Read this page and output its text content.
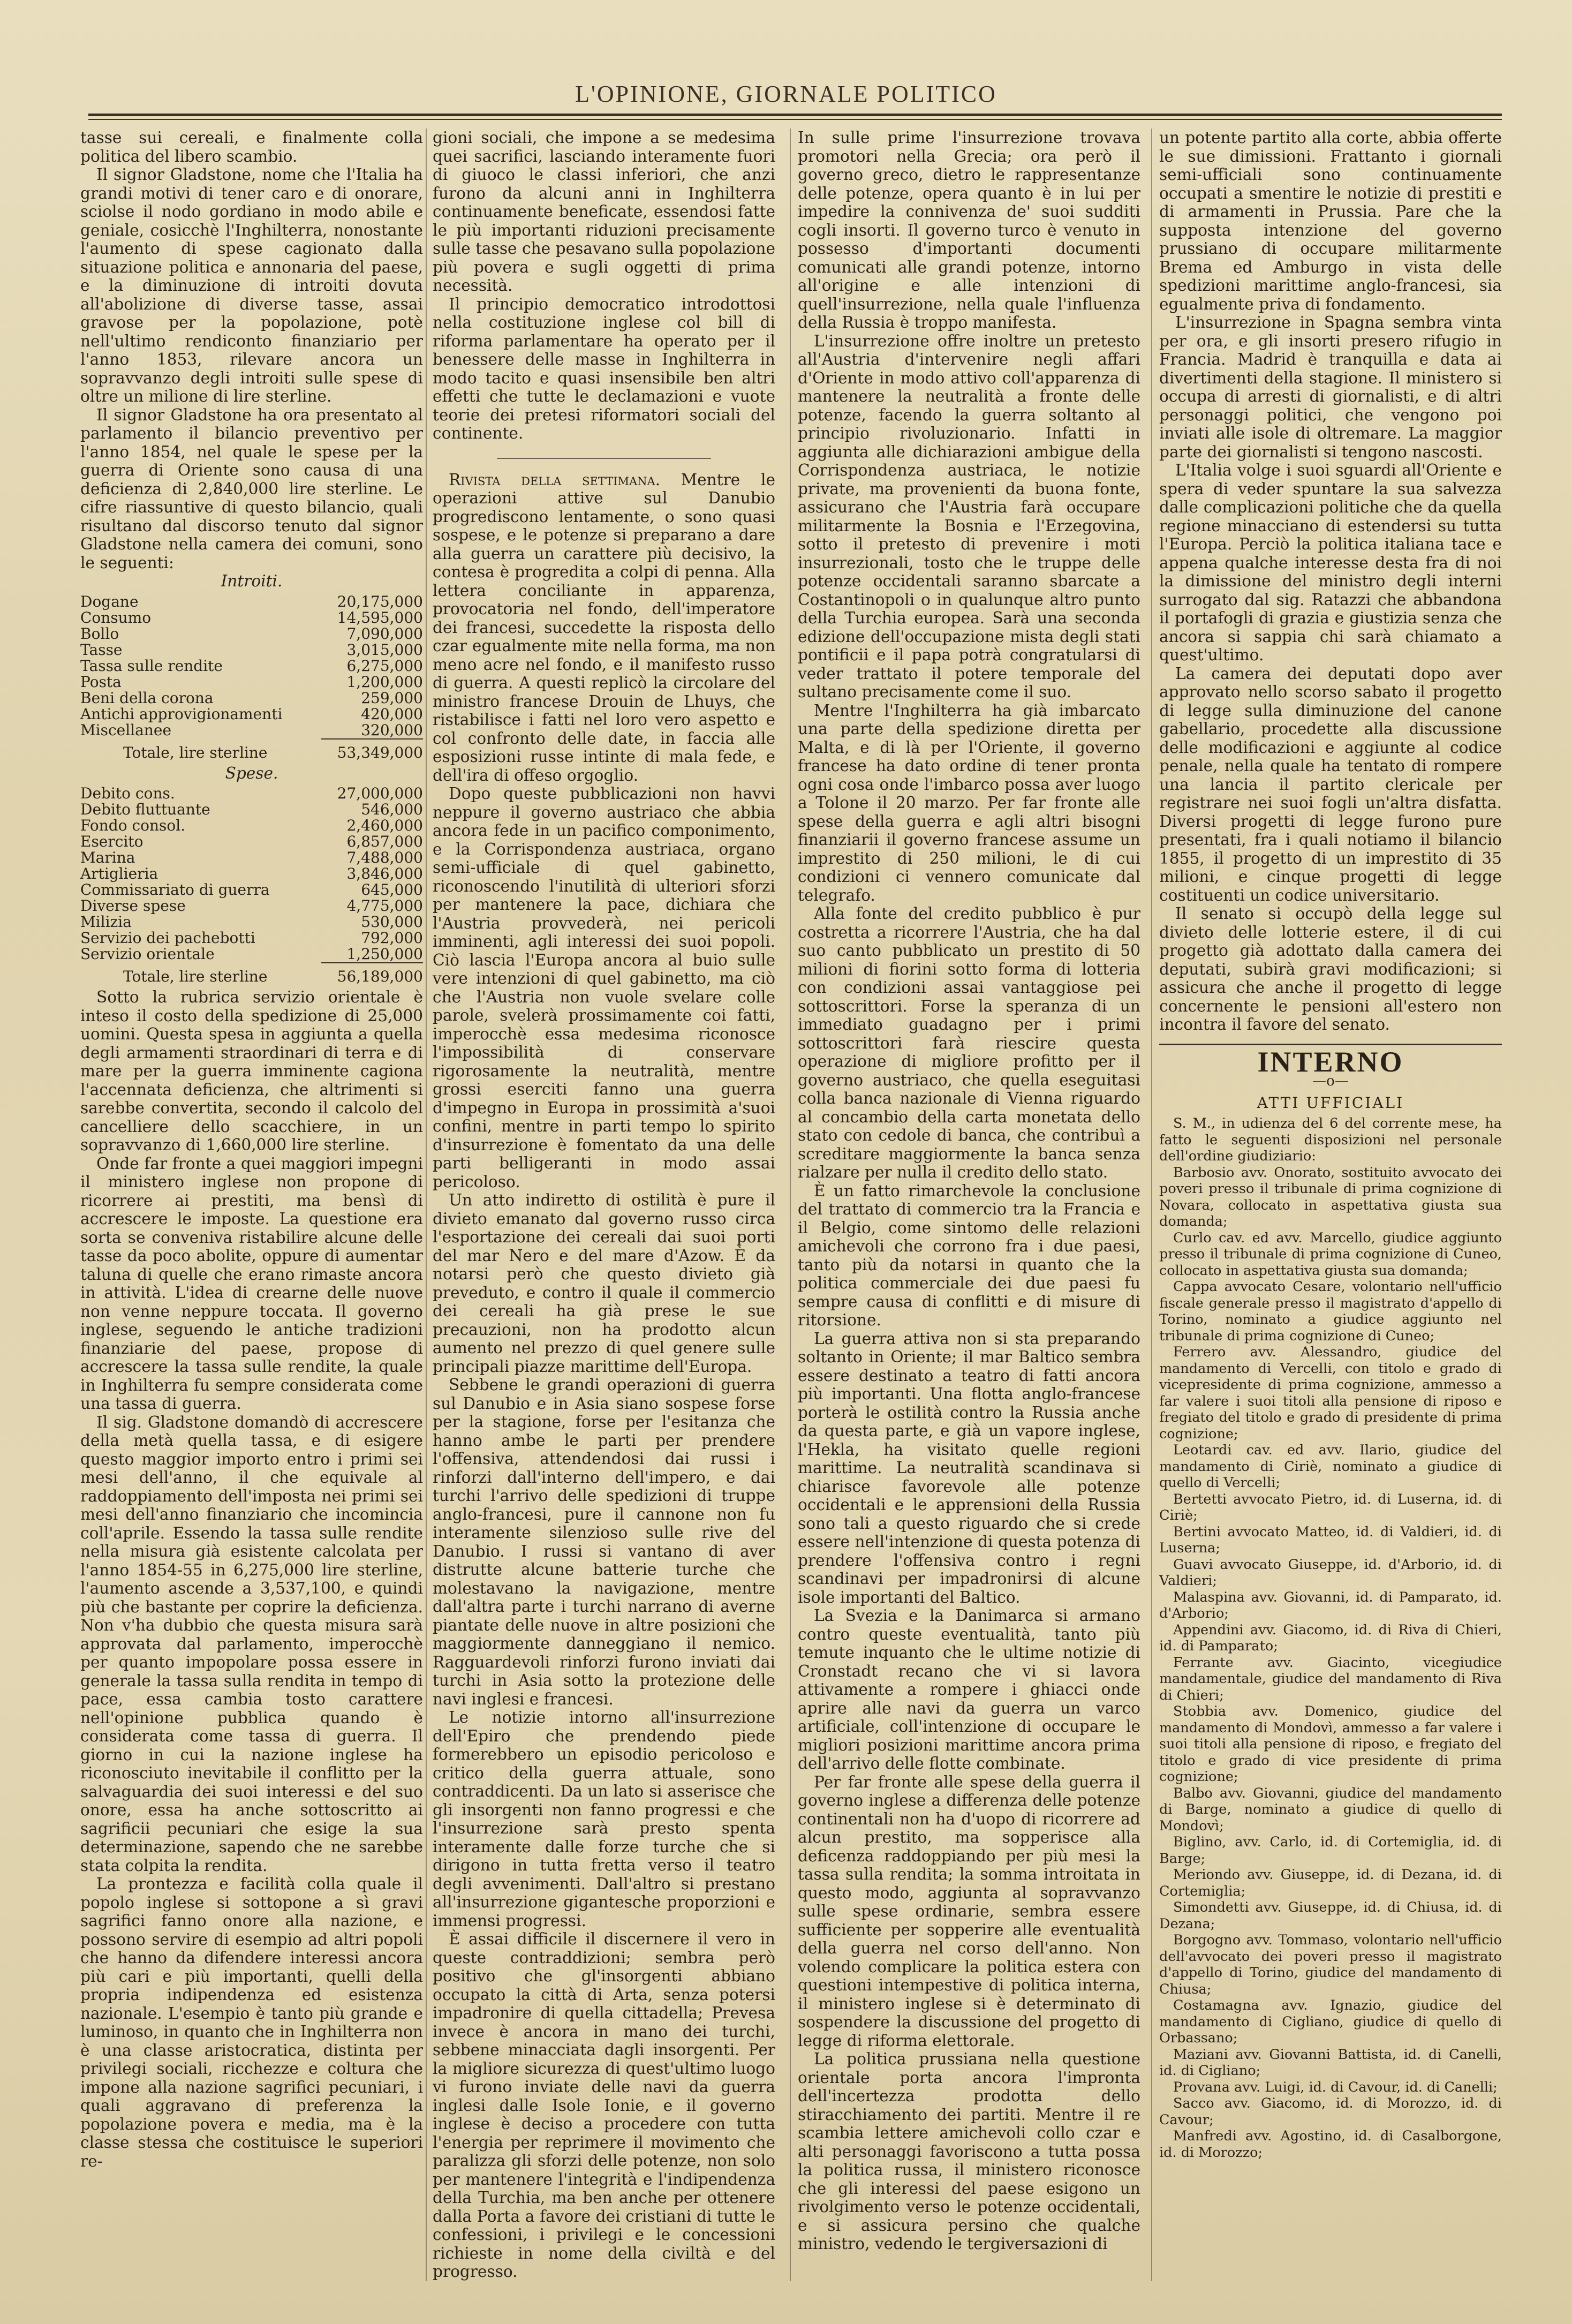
L'OPINIONE, GIORNALE POLITICO

tasse sui cereali, e finalmente colla politica del libero scambio.

Il signor Gladstone, nome che l'Italia ha grandi motivi di tener caro e di onorare, sciolse il nodo gordiano in modo abile e geniale, cosicchè l'Inghilterra, nonostante l'aumento di spese cagionato dalla situazione politica e annonaria del paese, e la diminuzione di introiti dovuta all'abolizione di diverse tasse, assai gravose per la popolazione, potè nell'ultimo rendiconto finanziario per l'anno 1853, rilevare ancora un sopravvanzo degli introiti sulle spese di oltre un milione di lire sterline.

Il signor Gladstone ha ora presentato al parlamento il bilancio preventivo per l'anno 1854, nel quale le spese per la guerra di Oriente sono causa di una deficienza di 2,840,000 lire sterline. Le cifre riassuntive di questo bilancio, quali risultano dal discorso tenuto dal signor Gladstone nella camera dei comuni, sono le seguenti:

Introiti.

Dogane	20,175,000
Consumo	14,595,000
Bollo	7,090,000
Tasse	3,015,000
Tassa sulle rendite	6,275,000
Posta	1,200,000
Beni della corona	259,000
Antichi approvigionamenti	420,000
Miscellanee	320,000

Totale, lire sterline	53,349,000

Spese.

Debito cons.	27,000,000
Debito fluttuante	546,000
Fondo consol.	2,460,000
Esercito	6,857,000
Marina	7,488,000
Artiglieria	3,846,000
Commissariato di guerra	645,000
Diverse spese	4,775,000
Milizia	530,000
Servizio dei pachebotti	792,000
Servizio orientale	1,250,000

Totale, lire sterline	56,189,000

Sotto la rubrica servizio orientale è inteso il costo della spedizione di 25,000 uomini. Questa spesa in aggiunta a quella degli armamenti straordinari di terra e di mare per la guerra imminente cagiona l'accennata deficienza, che altrimenti si sarebbe convertita, secondo il calcolo del cancelliere dello scacchiere, in un sopravvanzo di 1,660,000 lire sterline.

Onde far fronte a quei maggiori impegni il ministero inglese non propone di ricorrere ai prestiti, ma bensì di accrescere le imposte. La questione era sorta se conveniva ristabilire alcune delle tasse da poco abolite, oppure di aumentar taluna di quelle che erano rimaste ancora in attività. L'idea di crearne delle nuove non venne neppure toccata. Il governo inglese, seguendo le antiche tradizioni finanziarie del paese, propose di accrescere la tassa sulle rendite, la quale in Inghilterra fu sempre considerata come una tassa di guerra.

Il sig. Gladstone domandò di accrescere della metà quella tassa, e di esigere questo maggior importo entro i primi sei mesi dell'anno, il che equivale al raddoppiamento dell'imposta nei primi sei mesi dell'anno finanziario che incomincia coll'aprile. Essendo la tassa sulle rendite nella misura già esistente calcolata per l'anno 1854-55 in 6,275,000 lire sterline, l'aumento ascende a 3,537,100, e quindi più che bastante per coprire la deficienza. Non v'ha dubbio che questa misura sarà approvata dal parlamento, imperocchè per quanto impopolare possa essere in generale la tassa sulla rendita in tempo di pace, essa cambia tosto carattere nell'opinione pubblica quando è considerata come tassa di guerra. Il giorno in cui la nazione inglese ha riconosciuto inevitabile il conflitto per la salvaguardia dei suoi interessi e del suo onore, essa ha anche sottoscritto ai sagrificii pecuniari che esige la sua determinazione, sapendo che ne sarebbe stata colpita la rendita.

La prontezza e facilità colla quale il popolo inglese si sottopone a sì gravi sagrifici fanno onore alla nazione, e possono servire di esempio ad altri popoli che hanno da difendere interessi ancora più cari e più importanti, quelli della propria indipendenza ed esistenza nazionale. L'esempio è tanto più grande e luminoso, in quanto che in Inghilterra non è una classe aristocratica, distinta per privilegi sociali, ricchezze e coltura che impone alla nazione sagrifici pecuniari, i quali aggravano di preferenza la popolazione povera e media, ma è la classe stessa che costituisce le superiori re-

gioni sociali, che impone a se medesima quei sacrifici, lasciando interamente fuori di giuoco le classi inferiori, che anzi furono da alcuni anni in Inghilterra continuamente beneficate, essendosi fatte le più importanti riduzioni precisamente sulle tasse che pesavano sulla popolazione più povera e sugli oggetti di prima necessità.

Il principio democratico introdottosi nella costituzione inglese col bill di riforma parlamentare ha operato per il benessere delle masse in Inghilterra in modo tacito e quasi insensibile ben altri effetti che tutte le declamazioni e vuote teorie dei pretesi riformatori sociali del continente.

Rivista della settimana. Mentre le operazioni attive sul Danubio progrediscono lentamente, o sono quasi sospese, e le potenze si preparano a dare alla guerra un carattere più decisivo, la contesa è progredita a colpi di penna. Alla lettera conciliante in apparenza, provocatoria nel fondo, dell'imperatore dei francesi, succedette la risposta dello czar egualmente mite nella forma, ma non meno acre nel fondo, e il manifesto russo di guerra. A questi replicò la circolare del ministro francese Drouin de Lhuys, che ristabilisce i fatti nel loro vero aspetto e col confronto delle date, in faccia alle esposizioni russe intinte di mala fede, e dell'ira di offeso orgoglio.

Dopo queste pubblicazioni non havvi neppure il governo austriaco che abbia ancora fede in un pacifico componimento, e la Corrispondenza austriaca, organo semi-ufficiale di quel gabinetto, riconoscendo l'inutilità di ulteriori sforzi per mantenere la pace, dichiara che l'Austria provvederà, nei pericoli imminenti, agli interessi dei suoi popoli. Ciò lascia l'Europa ancora al buio sulle vere intenzioni di quel gabinetto, ma ciò che l'Austria non vuole svelare colle parole, svelerà prossimamente coi fatti, imperocchè essa medesima riconosce l'impossibilità di conservare rigorosamente la neutralità, mentre grossi eserciti fanno una guerra d'impegno in Europa in prossimità a'suoi confini, mentre in parti tempo lo spirito d'insurrezione è fomentato da una delle parti belligeranti in modo assai pericoloso.

Un atto indiretto di ostilità è pure il divieto emanato dal governo russo circa l'esportazione dei cereali dai suoi porti del mar Nero e del mare d'Azow. È da notarsi però che questo divieto già preveduto, e contro il quale il commercio dei cereali ha già prese le sue precauzioni, non ha prodotto alcun aumento nel prezzo di quel genere sulle principali piazze marittime dell'Europa.

Sebbene le grandi operazioni di guerra sul Danubio e in Asia siano sospese forse per la stagione, forse per l'esitanza che hanno ambe le parti per prendere l'offensiva, attendendosi dai russi i rinforzi dall'interno dell'impero, e dai turchi l'arrivo delle spedizioni di truppe anglo-francesi, pure il cannone non fu interamente silenzioso sulle rive del Danubio. I russi si vantano di aver distrutte alcune batterie turche che molestavano la navigazione, mentre dall'altra parte i turchi narrano di averne piantate delle nuove in altre posizioni che maggiormente danneggiano il nemico. Ragguardevoli rinforzi furono inviati dai turchi in Asia sotto la protezione delle navi inglesi e francesi.

Le notizie intorno all'insurrezione dell'Epiro che prendendo piede formerebbero un episodio pericoloso e critico della guerra attuale, sono contraddicenti. Da un lato si asserisce che gli insorgenti non fanno progressi e che l'insurrezione sarà presto spenta interamente dalle forze turche che si dirigono in tutta fretta verso il teatro degli avvenimenti. Dall'altro si prestano all'insurrezione gigantesche proporzioni e immensi progressi.

È assai difficile il discernere il vero in queste contraddizioni; sembra però positivo che gl'insorgenti abbiano occupato la città di Arta, senza potersi impadronire di quella cittadella; Prevesa invece è ancora in mano dei turchi, sebbene minacciata dagli insorgenti. Per la migliore sicurezza di quest'ultimo luogo vi furono inviate delle navi da guerra inglesi dalle Isole Ionie, e il governo inglese è deciso a procedere con tutta l'energia per reprimere il movimento che paralizza gli sforzi delle potenze, non solo per mantenere l'integrità e l'indipendenza della Turchia, ma ben anche per ottenere dalla Porta a favore dei cristiani di tutte le confessioni, i privilegi e le concessioni richieste in nome della civiltà e del progresso.

In sulle prime l'insurrezione trovava promotori nella Grecia; ora però il governo greco, dietro le rappresentanze delle potenze, opera quanto è in lui per impedire la connivenza de' suoi sudditi cogli insorti. Il governo turco è venuto in possesso d'importanti documenti comunicati alle grandi potenze, intorno all'origine e alle intenzioni di quell'insurrezione, nella quale l'influenza della Russia è troppo manifesta.

L'insurrezione offre inoltre un pretesto all'Austria d'intervenire negli affari d'Oriente in modo attivo coll'apparenza di mantenere la neutralità a fronte delle potenze, facendo la guerra soltanto al principio rivoluzionario. Infatti in aggiunta alle dichiarazioni ambigue della Corrispondenza austriaca, le notizie private, ma provenienti da buona fonte, assicurano che l'Austria farà occupare militarmente la Bosnia e l'Erzegovina, sotto il pretesto di prevenire i moti insurrezionali, tosto che le truppe delle potenze occidentali saranno sbarcate a Costantinopoli o in qualunque altro punto della Turchia europea. Sarà una seconda edizione dell'occupazione mista degli stati pontificii e il papa potrà congratularsi di veder trattato il potere temporale del sultano precisamente come il suo.

Mentre l'Inghilterra ha già imbarcato una parte della spedizione diretta per Malta, e di là per l'Oriente, il governo francese ha dato ordine di tener pronta ogni cosa onde l'imbarco possa aver luogo a Tolone il 20 marzo. Per far fronte alle spese della guerra e agli altri bisogni finanziarii il governo francese assume un imprestito di 250 milioni, le di cui condizioni ci vennero comunicate dal telegrafo.

Alla fonte del credito pubblico è pur costretta a ricorrere l'Austria, che ha dal suo canto pubblicato un prestito di 50 milioni di fiorini sotto forma di lotteria con condizioni assai vantaggiose pei sottoscrittori. Forse la speranza di un immediato guadagno per i primi sottoscrittori farà riescire questa operazione di migliore profitto per il governo austriaco, che quella eseguitasi colla banca nazionale di Vienna riguardo al concambio della carta monetata dello stato con cedole di banca, che contribuì a screditare maggiormente la banca senza rialzare per nulla il credito dello stato.

È un fatto rimarchevole la conclusione del trattato di commercio tra la Francia e il Belgio, come sintomo delle relazioni amichevoli che corrono fra i due paesi, tanto più da notarsi in quanto che la politica commerciale dei due paesi fu sempre causa di conflitti e di misure di ritorsione.

La guerra attiva non si sta preparando soltanto in Oriente; il mar Baltico sembra essere destinato a teatro di fatti ancora più importanti. Una flotta anglo-francese porterà le ostilità contro la Russia anche da questa parte, e già un vapore inglese, l'Hekla, ha visitato quelle regioni marittime. La neutralità scandinava si chiarisce favorevole alle potenze occidentali e le apprensioni della Russia sono tali a questo riguardo che si crede essere nell'intenzione di questa potenza di prendere l'offensiva contro i regni scandinavi per impadronirsi di alcune isole importanti del Baltico.

La Svezia e la Danimarca si armano contro queste eventualità, tanto più temute inquanto che le ultime notizie di Cronstadt recano che vi si lavora attivamente a rompere i ghiacci onde aprire alle navi da guerra un varco artificiale, coll'intenzione di occupare le migliori posizioni marittime ancora prima dell'arrivo delle flotte combinate.

Per far fronte alle spese della guerra il governo inglese a differenza delle potenze continentali non ha d'uopo di ricorrere ad alcun prestito, ma sopperisce alla deficenza raddoppiando per più mesi la tassa sulla rendita; la somma introitata in questo modo, aggiunta al sopravvanzo sulle spese ordinarie, sembra essere sufficiente per sopperire alle eventualità della guerra nel corso dell'anno. Non volendo complicare la politica estera con questioni intempestive di politica interna, il ministero inglese si è determinato di sospendere la discussione del progetto di legge di riforma elettorale.

La politica prussiana nella questione orientale porta ancora l'impronta dell'incertezza prodotta dello stiracchiamento dei partiti. Mentre il re scambia lettere amichevoli collo czar e alti personaggi favoriscono a tutta possa la politica russa, il ministero riconosce che gli interessi del paese esigono un rivolgimento verso le potenze occidentali, e si assicura persino che qualche ministro, vedendo le tergiversazioni di

un potente partito alla corte, abbia offerte le sue dimissioni. Frattanto i giornali semi-ufficiali sono continuamente occupati a smentire le notizie di prestiti e di armamenti in Prussia. Pare che la supposta intenzione del governo prussiano di occupare militarmente Brema ed Amburgo in vista delle spedizioni marittime anglo-francesi, sia egualmente priva di fondamento.

L'insurrezione in Spagna sembra vinta per ora, e gli insorti presero rifugio in Francia. Madrid è tranquilla e data ai divertimenti della stagione. Il ministero si occupa di arresti di giornalisti, e di altri personaggi politici, che vengono poi inviati alle isole di oltremare. La maggior parte dei giornalisti si tengono nascosti.

L'Italia volge i suoi sguardi all'Oriente e spera di veder spuntare la sua salvezza dalle complicazioni politiche che da quella regione minacciano di estendersi su tutta l'Europa. Perciò la politica italiana tace e appena qualche interesse desta fra di noi la dimissione del ministro degli interni surrogato dal sig. Ratazzi che abbandona il portafogli di grazia e giustizia senza che ancora si sappia chi sarà chiamato a quest'ultimo.

La camera dei deputati dopo aver approvato nello scorso sabato il progetto di legge sulla diminuzione del canone gabellario, procedette alla discussione delle modificazioni e aggiunte al codice penale, nella quale ha tentato di rompere una lancia il partito clericale per registrare nei suoi fogli un'altra disfatta. Diversi progetti di legge furono pure presentati, fra i quali notiamo il bilancio 1855, il progetto di un imprestito di 35 milioni, e cinque progetti di legge costituenti un codice universitario.

Il senato si occupò della legge sul divieto delle lotterie estere, il di cui progetto già adottato dalla camera dei deputati, subirà gravi modificazioni; si assicura che anche il progetto di legge concernente le pensioni all'estero non incontra il favore del senato.

INTERNO
—o—
ATTI UFFICIALI

S. M., in udienza del 6 del corrente mese, ha fatto le seguenti disposizioni nel personale dell'ordine giudiziario:

Barbosio avv. Onorato, sostituito avvocato dei poveri presso il tribunale di prima cognizione di Novara, collocato in aspettativa giusta sua domanda;

Curlo cav. ed avv. Marcello, giudice aggiunto presso il tribunale di prima cognizione di Cuneo, collocato in aspettativa giusta sua domanda;

Cappa avvocato Cesare, volontario nell'ufficio fiscale generale presso il magistrato d'appello di Torino, nominato a giudice aggiunto nel tribunale di prima cognizione di Cuneo;

Ferrero avv. Alessandro, giudice del mandamento di Vercelli, con titolo e grado di vicepresidente di prima cognizione, ammesso a far valere i suoi titoli alla pensione di riposo e fregiato del titolo e grado di presidente di prima cognizione;

Leotardi cav. ed avv. Ilario, giudice del mandamento di Ciriè, nominato a giudice di quello di Vercelli;

Bertetti avvocato Pietro, id. di Luserna, id. di Ciriè;

Bertini avvocato Matteo, id. di Valdieri, id. di Luserna;

Guavi avvocato Giuseppe, id. d'Arborio, id. di Valdieri;

Malaspina avv. Giovanni, id. di Pamparato, id. d'Arborio;

Appendini avv. Giacomo, id. di Riva di Chieri, id. di Pamparato;

Ferrante avv. Giacinto, vicegiudice mandamentale, giudice del mandamento di Riva di Chieri;

Stobbia avv. Domenico, giudice del mandamento di Mondovì, ammesso a far valere i suoi titoli alla pensione di riposo, e fregiato del titolo e grado di vice presidente di prima cognizione;

Balbo avv. Giovanni, giudice del mandamento di Barge, nominato a giudice di quello di Mondovì;

Biglino, avv. Carlo, id. di Cortemiglia, id. di Barge;

Meriondo avv. Giuseppe, id. di Dezana, id. di Cortemiglia;

Simondetti avv. Giuseppe, id. di Chiusa, id. di Dezana;

Borgogno avv. Tommaso, volontario nell'ufficio dell'avvocato dei poveri presso il magistrato d'appello di Torino, giudice del mandamento di Chiusa;

Costamagna avv. Ignazio, giudice del mandamento di Cigliano, giudice di quello di Orbassano;

Maziani avv. Giovanni Battista, id. di Canelli, id. di Cigliano;

Provana avv. Luigi, id. di Cavour, id. di Canelli;

Sacco avv. Giacomo, id. di Morozzo, id. di Cavour;

Manfredi avv. Agostino, id. di Casalborgone, id. di Morozzo;
